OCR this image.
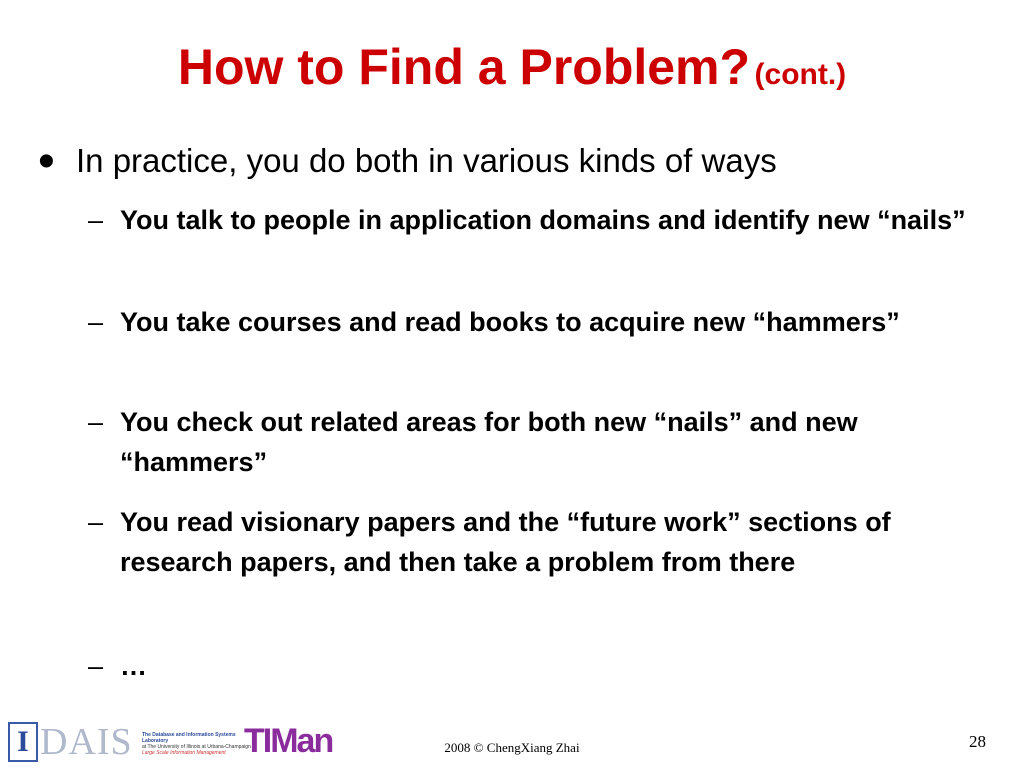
How to Find a Problem? (cont.)
• In practice, you do both in various kinds of ways
– You talk to people in application domains and identify new “nails”
– You take courses and read books to acquire new “hammers”
– You check out related areas for both new “nails” and new “hammers”
– You read visionary papers and the “future work” sections of research papers, and then take a problem from there
– …
I DAIS The Database and Information Systems Laboratory
at The University of Illinois at Urbana-Champaign
Large Scale Information Management TIMan	2008 © ChengXiang Zhai	28
